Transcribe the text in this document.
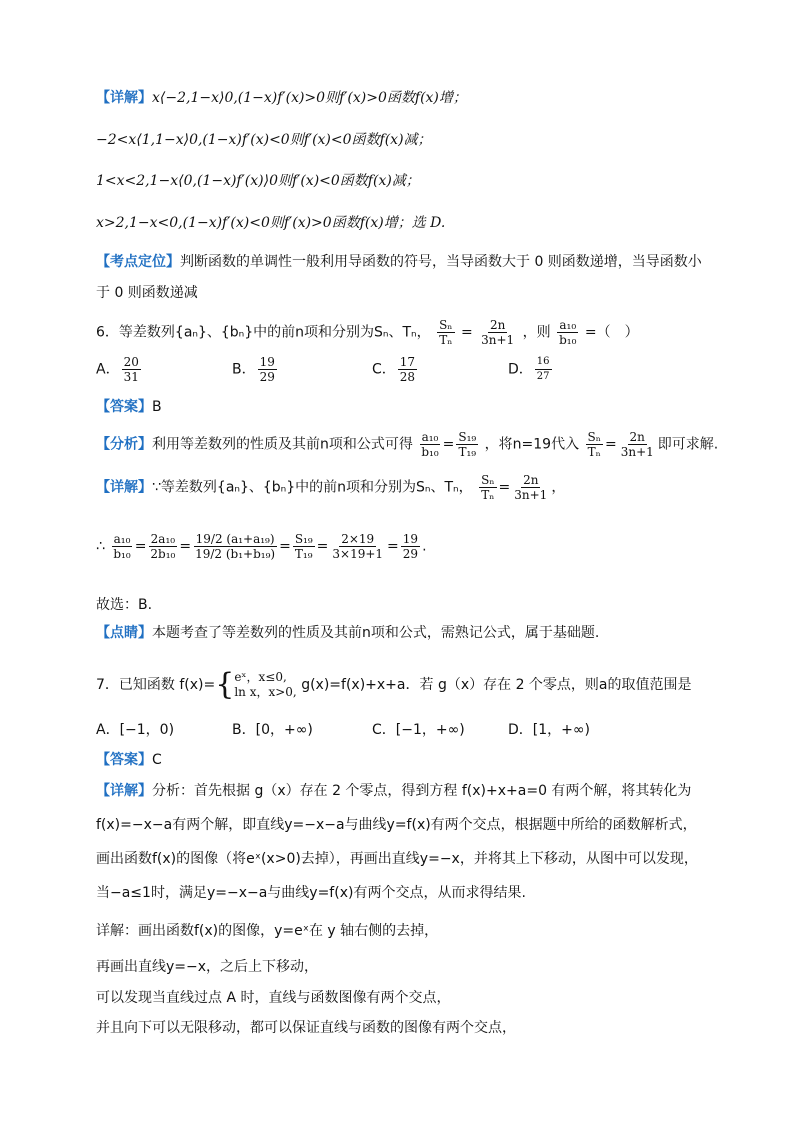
【详解】x⟨−2,1−x⟩0,(1−x)f′(x)>0则f′(x)>0函数f(x)增；
−2<x⟨1,1−x⟩0,(1−x)f′(x)<0则f′(x)<0函数f(x)减；
1<x<2,1−x⟨0,(1−x)f′(x)⟩0则f′(x)<0函数f(x)减；
x>2,1−x<0,(1−x)f′(x)<0则f′(x)>0函数f(x)增；选 D.
【考点定位】判断函数的单调性一般利用导函数的符号，当导函数大于 0 则函数递增，当导函数小
于 0 则函数递减
6．等差数列{aₙ}、{bₙ}中的前n项和分别为Sₙ、Tₙ， $\frac{\text{Sₙ}}{\text{Tₙ}} = \frac{2n}{3n+1}$ ，则 $\frac{\text{a₁₀}}{\text{b₁₀}}$ =（　）
A． $\frac{20}{31}$	B． $\frac{19}{29}$	C． $\frac{17}{28}$	D． $\frac{16}{27}$
【答案】B
【分析】利用等差数列的性质及其前n项和公式可得 $\frac{\text{a₁₀}}{\text{b₁₀}} = \frac{\text{S₁₉}}{\text{T₁₉}}$ ，将n=19代入 $\frac{\text{Sₙ}}{\text{Tₙ}} = \frac{2n}{3n+1}$ 即可求解.
【详解】∵等差数列{aₙ}、{bₙ}中的前n项和分别为Sₙ、Tₙ， $\frac{\text{Sₙ}}{\text{Tₙ}} = \frac{2n}{3n+1}$ ，
∴ $\frac{\text{a₁₀}}{\text{b₁₀}} = \frac{\text{2a₁₀}}{\text{2b₁₀}} = \frac{\text{19/2 (a₁+a₁₉)}}{\text{19/2 (b₁+b₁₉)}} = \frac{\text{S₁₉}}{\text{T₁₉}} = \frac{2\times 19}{3\times 19+1} = \frac{19}{29}$ .
故选：B.
【点睛】本题考查了等差数列的性质及其前n项和公式，需熟记公式，属于基础题.
7．已知函数 f(x)={ eˣ，x≤0,
ln x，x>0, g(x)=f(x)+x+a．若 g（x）存在 2 个零点，则a的取值范围是
A．[−1，0)	B．[0，+∞)	C．[−1，+∞)	D．[1，+∞)
【答案】C
【详解】分析：首先根据 g（x）存在 2 个零点，得到方程 f(x)+x+a=0 有两个解，将其转化为
f(x)=−x−a有两个解，即直线y=−x−a与曲线y=f(x)有两个交点，根据题中所给的函数解析式，
画出函数f(x)的图像（将eˣ(x>0)去掉），再画出直线y=−x，并将其上下移动，从图中可以发现，
当−a≤1时，满足y=−x−a与曲线y=f(x)有两个交点，从而求得结果.
详解：画出函数f(x)的图像，y=eˣ在 y 轴右侧的去掉，
再画出直线y=−x，之后上下移动，
可以发现当直线过点 A 时，直线与函数图像有两个交点，
并且向下可以无限移动，都可以保证直线与函数的图像有两个交点，
